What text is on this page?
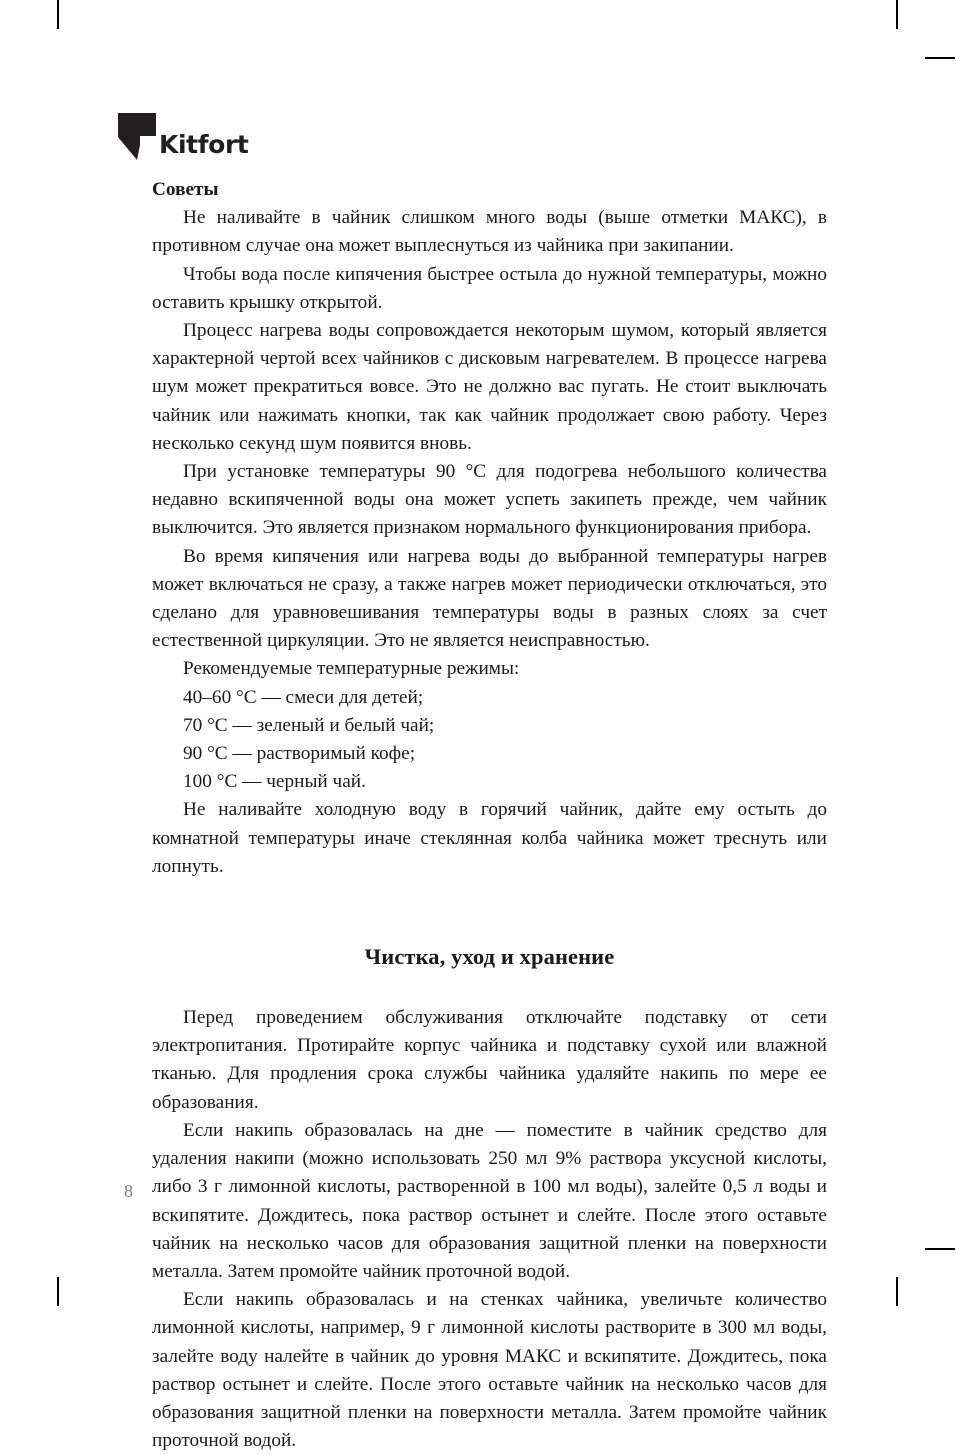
Kitfort
Советы

Не наливайте в чайник слишком много воды (выше отметки МАКС), в противном случае она может выплеснуться из чайника при закипании.

Чтобы вода после кипячения быстрее остыла до нужной температуры, можно оставить крышку открытой.

Процесс нагрева воды сопровождается некоторым шумом, который является характерной чертой всех чайников с дисковым нагревателем. В процессе нагрева шум может прекратиться вовсе. Это не должно вас пугать. Не стоит выключать чайник или нажимать кнопки, так как чайник продолжает свою работу. Через несколько секунд шум появится вновь.

При установке температуры 90 °C для подогрева небольшого количества недавно вскипяченной воды она может успеть закипеть прежде, чем чайник выключится. Это является признаком нормального функционирования прибора.

Во время кипячения или нагрева воды до выбранной температуры нагрев может включаться не сразу, а также нагрев может периодически отключаться, это сделано для уравновешивания температуры воды в разных слоях за счет естественной циркуляции. Это не является неисправностью.

Рекомендуемые температурные режимы:

40–60 °C — смеси для детей;

70 °C — зеленый и белый чай;

90 °C — растворимый кофе;

100 °C — черный чай.

Не наливайте холодную воду в горячий чайник, дайте ему остыть до комнатной температуры иначе стеклянная колба чайника может треснуть или лопнуть.

Чистка, уход и хранение

Перед проведением обслуживания отключайте подставку от сети электропитания. Протирайте корпус чайника и подставку сухой или влажной тканью. Для продления срока службы чайника удаляйте накипь по мере ее образования.

Если накипь образовалась на дне — поместите в чайник средство для удаления накипи (можно использовать 250 мл 9% раствора уксусной кислоты, либо 3 г лимонной кислоты, растворенной в 100 мл воды), залейте 0,5 л воды и вскипятите. Дождитесь, пока раствор остынет и слейте. После этого оставьте чайник на несколько часов для образования защитной пленки на поверхности металла. Затем промойте чайник проточной водой.

Если накипь образовалась и на стенках чайника, увеличьте количество лимонной кислоты, например, 9 г лимонной кислоты растворите в 300 мл воды, залейте воду налейте в чайник до уровня МАКС и вскипятите. Дождитесь, пока раствор остынет и слейте. После этого оставьте чайник на несколько часов для образования защитной пленки на поверхности металла. Затем промойте чайник проточной водой.

8
